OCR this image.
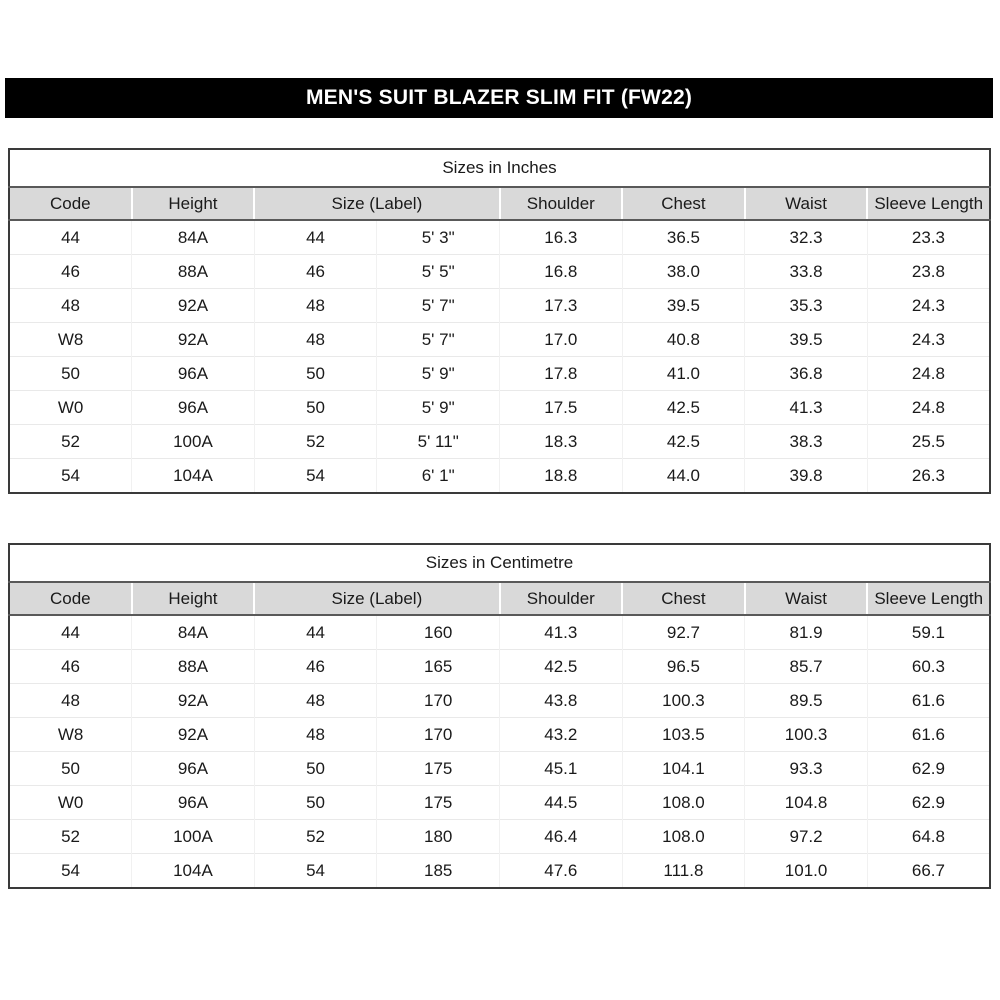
MEN'S SUIT BLAZER SLIM FIT (FW22)
Sizes in Inches							
Code	Height	Size (Label)		Shoulder	Chest	Waist	Sleeve Length
44	84A	44	5' 3"	16.3	36.5	32.3	23.3
46	88A	46	5' 5"	16.8	38.0	33.8	23.8
48	92A	48	5' 7"	17.3	39.5	35.3	24.3
W8	92A	48	5' 7"	17.0	40.8	39.5	24.3
50	96A	50	5' 9"	17.8	41.0	36.8	24.8
W0	96A	50	5' 9"	17.5	42.5	41.3	24.8
52	100A	52	5' 11"	18.3	42.5	38.3	25.5
54	104A	54	6' 1"	18.8	44.0	39.8	26.3
Sizes in Centimetre							
Code	Height	Size (Label)		Shoulder	Chest	Waist	Sleeve Length
44	84A	44	160	41.3	92.7	81.9	59.1
46	88A	46	165	42.5	96.5	85.7	60.3
48	92A	48	170	43.8	100.3	89.5	61.6
W8	92A	48	170	43.2	103.5	100.3	61.6
50	96A	50	175	45.1	104.1	93.3	62.9
W0	96A	50	175	44.5	108.0	104.8	62.9
52	100A	52	180	46.4	108.0	97.2	64.8
54	104A	54	185	47.6	111.8	101.0	66.7
